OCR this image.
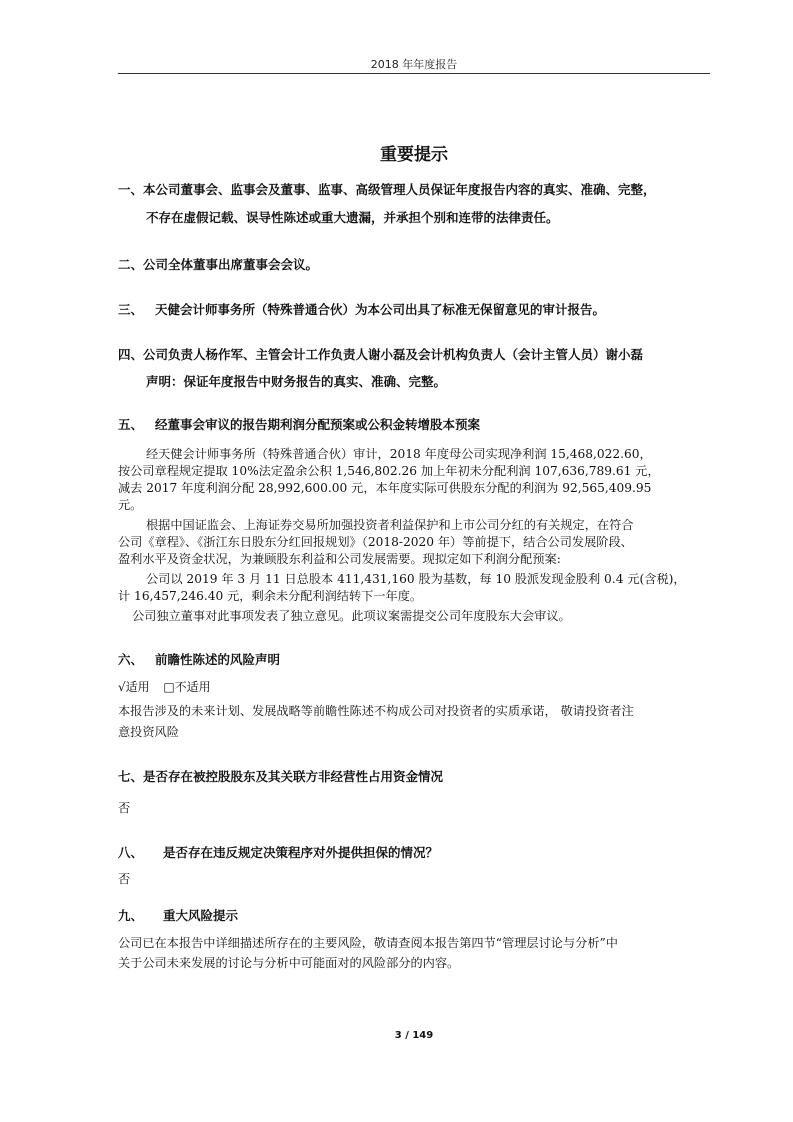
2018 年年度报告
重要提示
一、本公司董事会、监事会及董事、监事、高级管理人员保证年度报告内容的真实、准确、完整，
不存在虚假记载、误导性陈述或重大遗漏，并承担个别和连带的法律责任。
二、公司全体董事出席董事会会议。
三、 天健会计师事务所（特殊普通合伙）为本公司出具了标准无保留意见的审计报告。
四、公司负责人杨作军、主管会计工作负责人谢小磊及会计机构负责人（会计主管人员）谢小磊
声明：保证年度报告中财务报告的真实、准确、完整。
五、 经董事会审议的报告期利润分配预案或公积金转增股本预案
经天健会计师事务所（特殊普通合伙）审计，2018 年度母公司实现净利润 15,468,022.60，
按公司章程规定提取 10%法定盈余公积 1,546,802.26 加上年初未分配利润 107,636,789.61 元，
减去 2017 年度利润分配 28,992,600.00 元，本年度实际可供股东分配的利润为 92,565,409.95
元。
根据中国证监会、上海证券交易所加强投资者利益保护和上市公司分红的有关规定，在符合
公司《章程》、《浙江东日股东分红回报规划》（2018-2020 年）等前提下，结合公司发展阶段、
盈利水平及资金状况，为兼顾股东利益和公司发展需要。现拟定如下利润分配预案:
公司以 2019 年 3 月 11 日总股本 411,431,160 股为基数，每 10 股派发现金股利 0.4 元(含税)，
计 16,457,246.40 元，剩余未分配利润结转下一年度。
公司独立董事对此事项发表了独立意见。此项议案需提交公司年度股东大会审议。
六、 前瞻性陈述的风险声明
√适用 □不适用
本报告涉及的未来计划、发展战略等前瞻性陈述不构成公司对投资者的实质承诺， 敬请投资者注
意投资风险
七、是否存在被控股股东及其关联方非经营性占用资金情况
否
八、 是否存在违反规定决策程序对外提供担保的情况？
否
九、 重大风险提示
公司已在本报告中详细描述所存在的主要风险，敬请查阅本报告第四节“管理层讨论与分析”中
关于公司未来发展的讨论与分析中可能面对的风险部分的内容。
3 / 149
